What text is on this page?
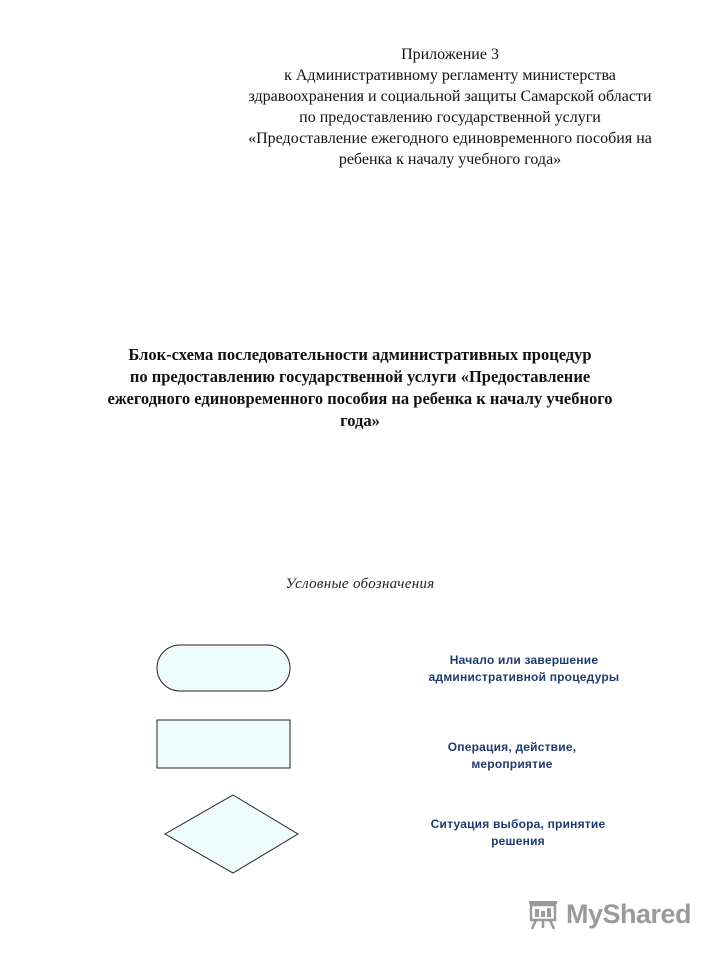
Приложение 3
к Административному регламенту министерства
здравоохранения и социальной защиты Самарской области
по предоставлению государственной услуги
«Предоставление ежегодного единовременного пособия на
ребенка к началу учебного года»
Блок-схема последовательности административных процедур
по предоставлению государственной услуги «Предоставление
ежегодного единовременного пособия на ребенка к началу учебного
года»
Условные обозначения
Начало или завершение
административной процедуры
Операция, действие,
мероприятие
Ситуация выбора, принятие
решения
MyShared
